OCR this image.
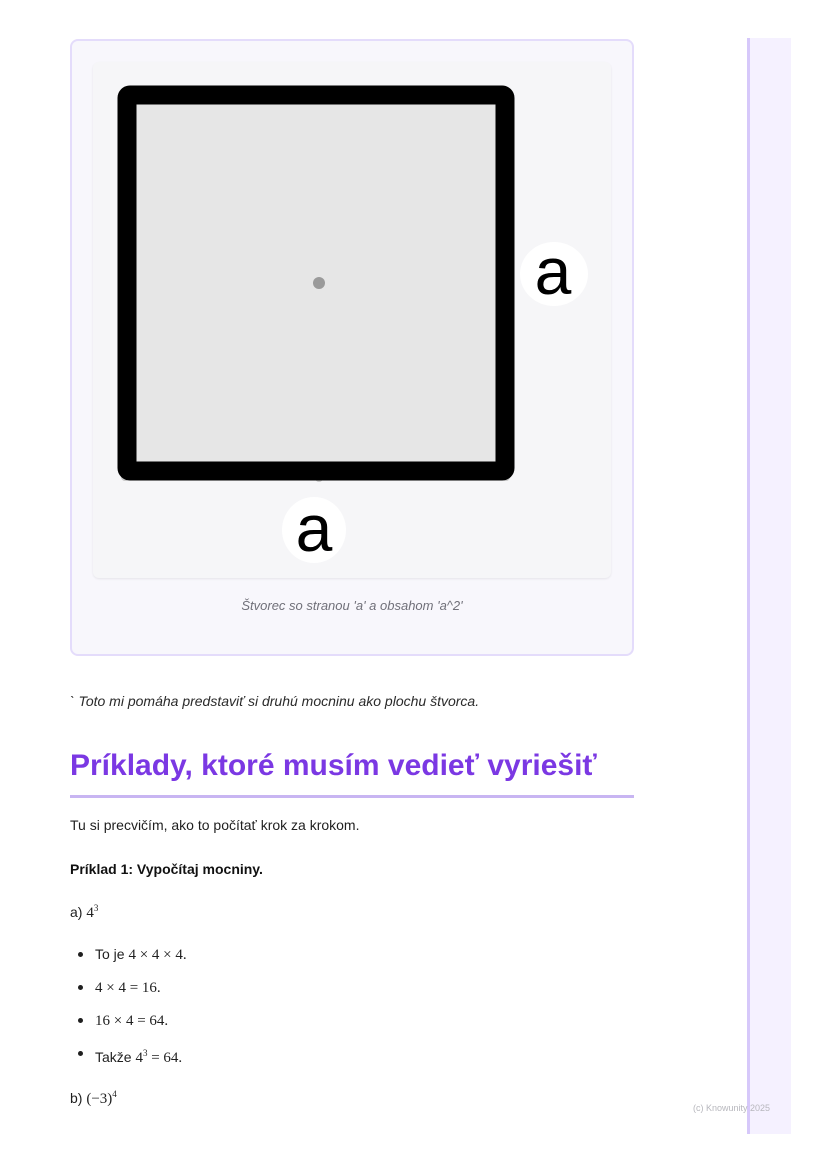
a
a
Štvorec so stranou 'a' a obsahom 'a^2'
` Toto mi pomáha predstaviť si druhú mocninu ako plochu štvorca.
Príklady, ktoré musím vedieť vyriešiť
Tu si precvičím, ako to počítať krok za krokom.
Príklad 1: Vypočítaj mocniny.
a) $4^3$
To je 4 × 4 × 4.
4 × 4 = 16.
16 × 4 = 64.
Takže $4^3 = 64$.
b) $(-3)^4$
(c) Knowunity 2025
